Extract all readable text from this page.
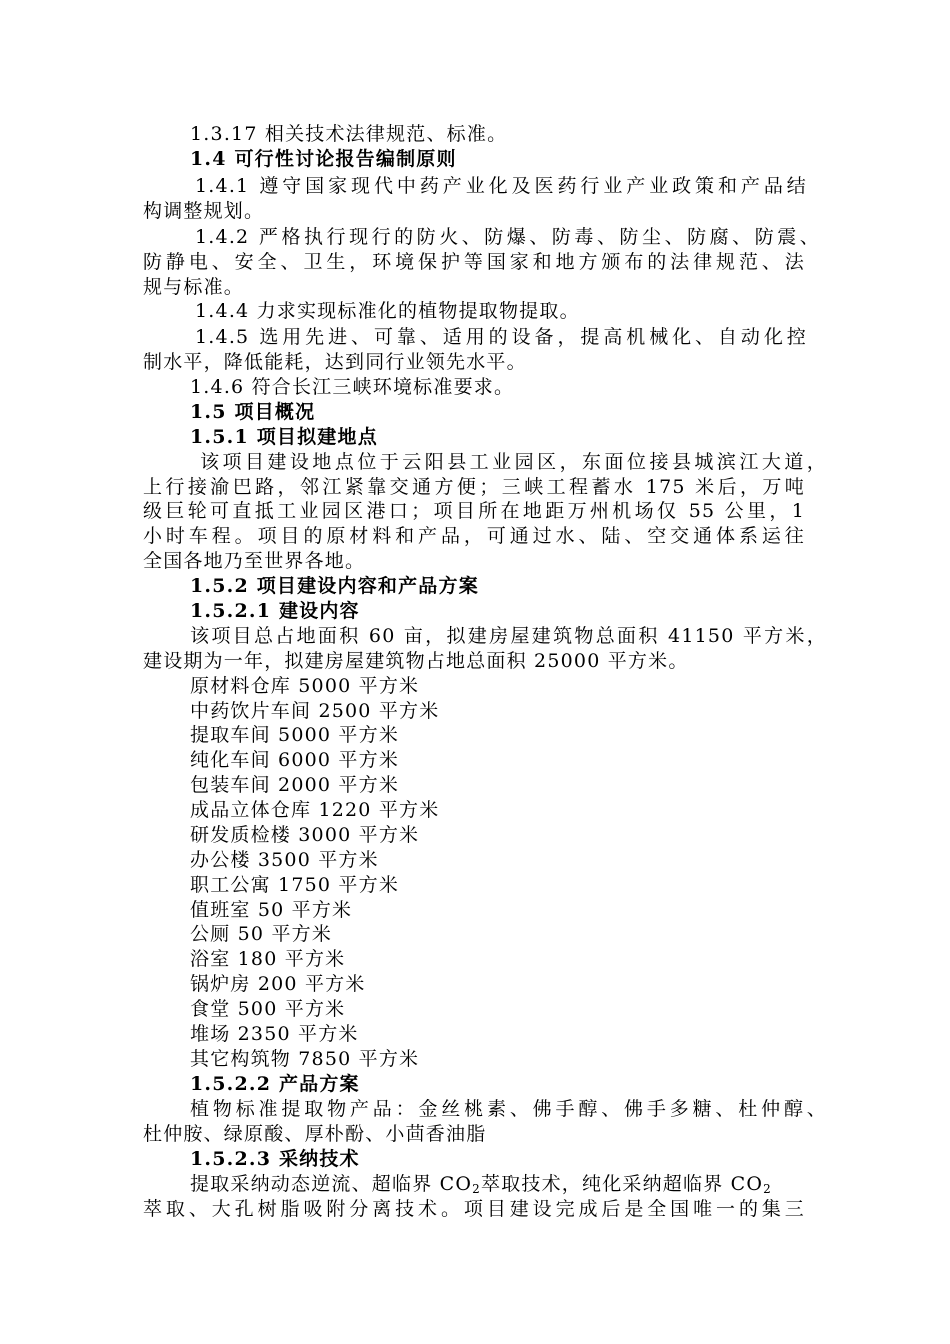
1.3.17 相关技术法律规范、标准。
1.4 可行性讨论报告编制原则
1.4.1 遵守国家现代中药产业化及医药行业产业政策和产品结
构调整规划。
1.4.2 严格执行现行的防火、防爆、防毒、防尘、防腐、防震、
防静电、安全、卫生，环境保护等国家和地方颁布的法律规范、法
规与标准。
1.4.4 力求实现标准化的植物提取物提取。
1.4.5 选用先进、可靠、适用的设备，提高机械化、自动化控
制水平，降低能耗，达到同行业领先水平。
1.4.6 符合长江三峡环境标准要求。
1.5 项目概况
1.5.1 项目拟建地点
该项目建设地点位于云阳县工业园区，东面位接县城滨江大道，
上行接渝巴路，邻江紧靠交通方便；三峡工程蓄水 175 米后，万吨
级巨轮可直抵工业园区港口；项目所在地距万州机场仅 55 公里，1
小时车程。项目的原材料和产品，可通过水、陆、空交通体系运往
全国各地乃至世界各地。
1.5.2 项目建设内容和产品方案
1.5.2.1 建设内容
该项目总占地面积 60 亩，拟建房屋建筑物总面积 41150 平方米，
建设期为一年，拟建房屋建筑物占地总面积 25000 平方米。
原材料仓库 5000 平方米
中药饮片车间 2500 平方米
提取车间 5000 平方米
纯化车间 6000 平方米
包装车间 2000 平方米
成品立体仓库 1220 平方米
研发质检楼 3000 平方米
办公楼 3500 平方米
职工公寓 1750 平方米
值班室 50 平方米
公厕 50 平方米
浴室 180 平方米
锅炉房 200 平方米
食堂 500 平方米
堆场 2350 平方米
其它构筑物 7850 平方米
1.5.2.2 产品方案
植物标准提取物产品：金丝桃素、佛手醇、佛手多糖、杜仲醇、
杜仲胺、绿原酸、厚朴酚、小茴香油脂
1.5.2.3 采纳技术
提取采纳动态逆流、超临界 $CO_2$萃取技术，纯化采纳超临界 $CO_2$
萃取、大孔树脂吸附分离技术。项目建设完成后是全国唯一的集三
